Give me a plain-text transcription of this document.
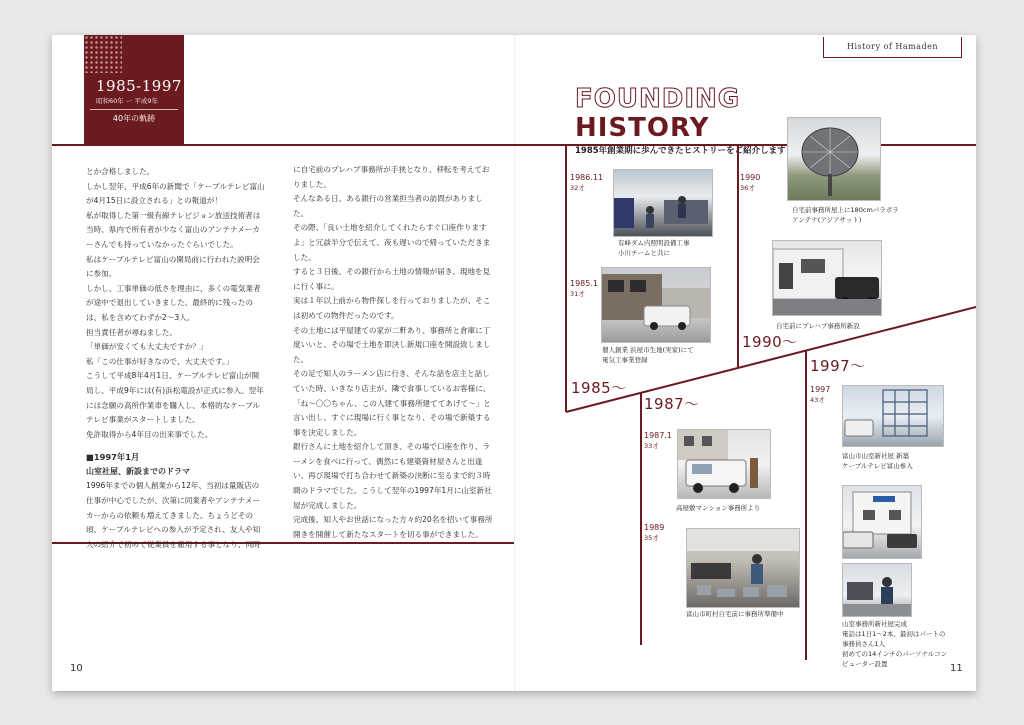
1985-1997
昭和60年 ー 平成9年
40年の軌跡

とか合格しました。

しかし翌年、平成6年の新聞で「ケーブルテレビ富山が4月15日に設立される」との報道が！

私が取得した第一級有線テレビジョン放送技術者は当時、県内で所有者が少なく富山のアンテナメーカーさんでも持っていなかったぐらいでした。

私はケーブルテレビ富山の開局前に行われた説明会に参加。

しかし、工事単価の低さを理由に、多くの電気業者が途中で退出していきました。最終的に残ったのは、私を含めてわずか2〜3人。

担当責任者が尋ねました。

「単価が安くても大丈夫ですか？」

私「この仕事が好きなので、大丈夫です。」

こうして平成8年4月1日、ケーブルテレビ富山が開局し、平成9年には(有)浜松電設が正式に参入。翌年には念願の高所作業車を購入し、本格的なケーブルテレビ事業がスタートしました。

免許取得から4年目の出来事でした。

■1997年1月

山室社屋、新設までのドラマ

1996年までの個人創業から12年、当初は量販店の仕事が中心でしたが、次第に同業者やアンテナメーカーからの依頼も増えてきました。ちょうどその頃、ケーブルテレビへの参入が予定され、友人や知人の紹介で初めて従業員を雇用する事となり、同時

に自宅前のプレハブ事務所が手狭となり、移転を考えておりました。

そんなある日、ある銀行の営業担当者の訪問がありました。

その際、「良い土地を紹介してくれたらすぐ口座作りますよ」と冗談半分で伝えて、夜も遅いので帰っていただきました。

すると３日後、その銀行から土地の情報が届き、現地を見に行く事に。

実は１年以上前から物件探しを行っておりましたが、そこは初めての物件だったのです。

その土地には平屋建ての家が二軒あり、事務所と倉庫に丁度いいと、その場で土地を即決し新規口座を開設致しました。

その足で知人のラーメン店に行き、そんな話を店主と話していた時、いきなり店主が、隣で食事しているお客様に、「ね〜〇〇ちゃん、この人建て事務所建ててあげて〜」と言い出し、すぐに現場に行く事となり、その場で新築する事を決定しました。

銀行さんに土地を紹介して頂き、その場で口座を作り、ラーメンを食べに行って、偶然にも建築資材屋さんと出逢い、再び現場で打ち合わせて新築の決断に至るまで約３時間のドラマでした。こうして翌年の1997年1月に山室新社屋が完成しました。

完成後、知人やお世話になった方々約20名を招いて事務所開きを開催して新たなスタートを切る事ができました。

10
History of Hamaden
FOUNDING
HISTORY
1985年創業期に歩んできたヒストリーをご紹介します
1985〜
1987〜
1990〜
1997〜
1986.11
32才
有峰ダム内照明設備工事
小川チームと共に
1985.1
31才
個人創業 浜屋市生地(実家)にて
電気工事業登録
1990
36才
自宅前事務所屋上に180cmパラボラ
アンテナ(アジアサット)
自宅前にプレハブ事務所新設
1987.1
33才
高屋敷マンション事務所より
1989
35才
富山市町村自宅前に事務所準備中
1997
43才
富山市山室新社屋 新築
ケーブルテレビ富山参入
山室事務所新社屋完成
電話は1日1〜2本、最初はパートの
事務員さん1人
初めての14インチのパーソナルコン
ピューター設置	11
